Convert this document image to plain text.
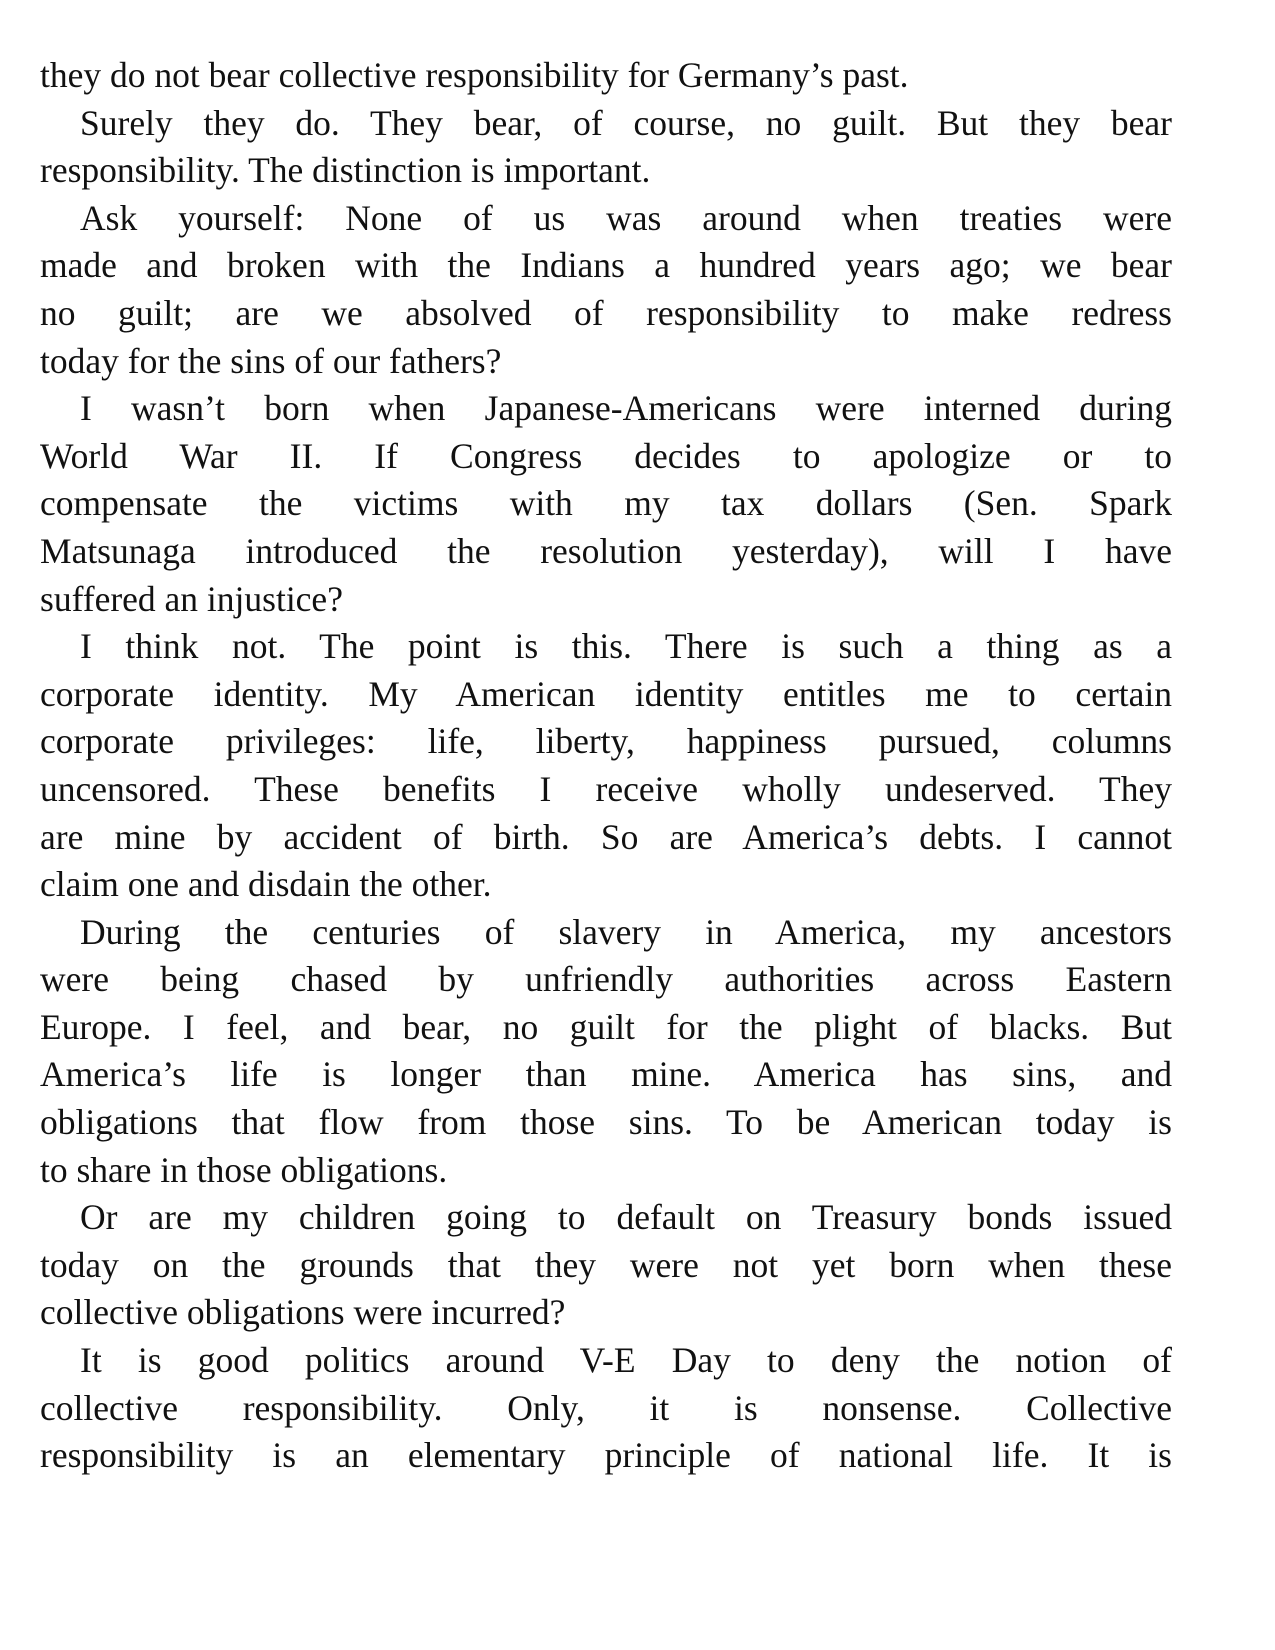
they do not bear collective responsibility for Germany’s past.
Surely they do. They bear, of course, no guilt. But they bear
responsibility. The distinction is important.
Ask yourself: None of us was around when treaties were
made and broken with the Indians a hundred years ago; we bear
no guilt; are we absolved of responsibility to make redress
today for the sins of our fathers?
I wasn’t born when Japanese-Americans were interned during
World War II. If Congress decides to apologize or to
compensate the victims with my tax dollars (Sen. Spark
Matsunaga introduced the resolution yesterday), will I have
suffered an injustice?
I think not. The point is this. There is such a thing as a
corporate identity. My American identity entitles me to certain
corporate privileges: life, liberty, happiness pursued, columns
uncensored. These benefits I receive wholly undeserved. They
are mine by accident of birth. So are America’s debts. I cannot
claim one and disdain the other.
During the centuries of slavery in America, my ancestors
were being chased by unfriendly authorities across Eastern
Europe. I feel, and bear, no guilt for the plight of blacks. But
America’s life is longer than mine. America has sins, and
obligations that flow from those sins. To be American today is
to share in those obligations.
Or are my children going to default on Treasury bonds issued
today on the grounds that they were not yet born when these
collective obligations were incurred?
It is good politics around V-E Day to deny the notion of
collective responsibility. Only, it is nonsense. Collective
responsibility is an elementary principle of national life. It is
